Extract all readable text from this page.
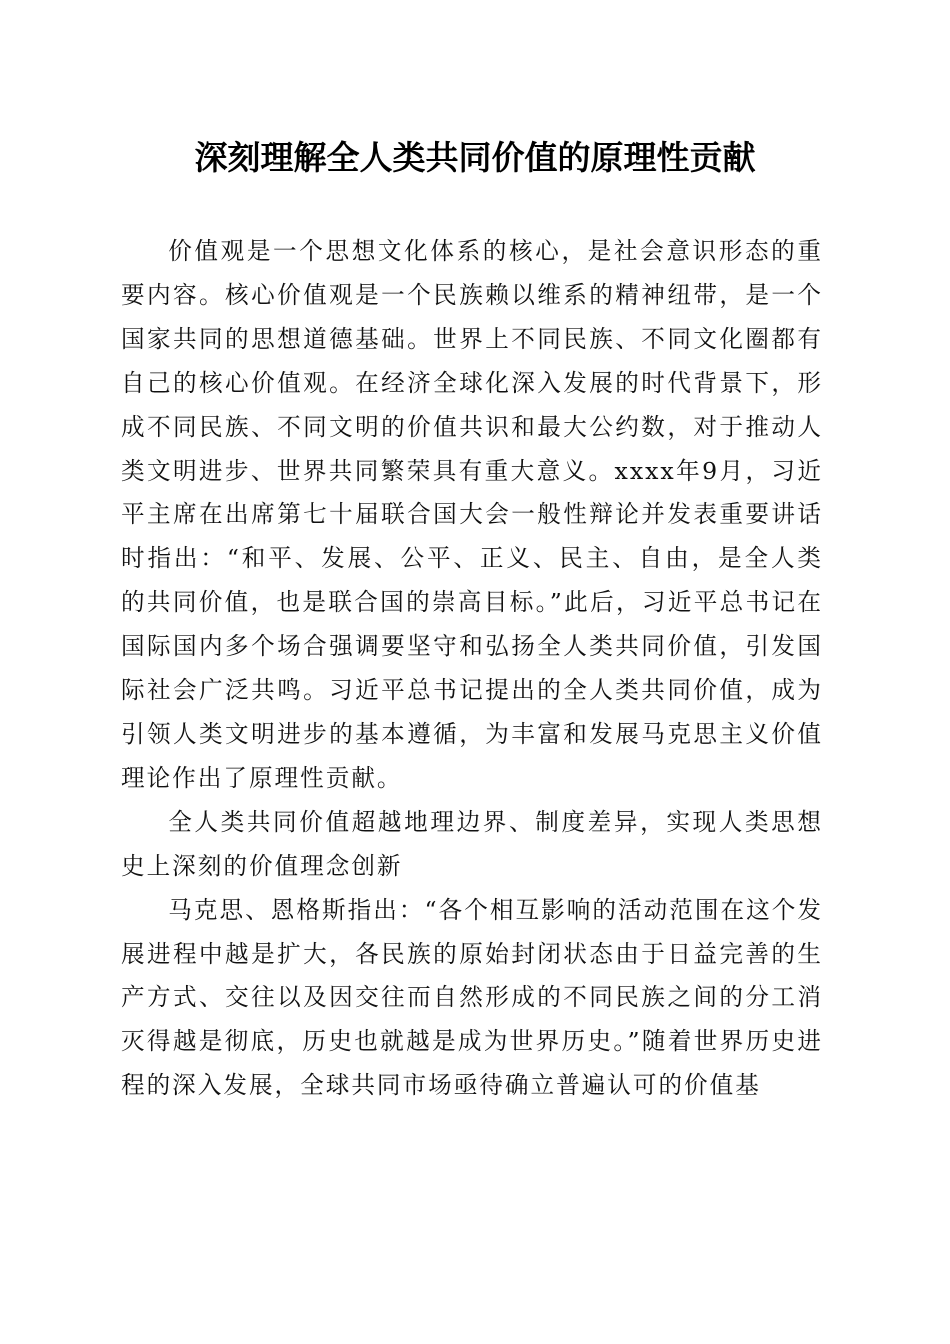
深刻理解全人类共同价值的原理性贡献

价值观是一个思想文化体系的核心，是社会意识形态的重要内容。核心价值观是一个民族赖以维系的精神纽带，是一个国家共同的思想道德基础。世界上不同民族、不同文化圈都有自己的核心价值观。在经济全球化深入发展的时代背景下，形成不同民族、不同文明的价值共识和最大公约数，对于推动人类文明进步、世界共同繁荣具有重大意义。xxxx年9月，习近平主席在出席第七十届联合国大会一般性辩论并发表重要讲话时指出：“和平、发展、公平、正义、民主、自由，是全人类的共同价值，也是联合国的崇高目标。”此后，习近平总书记在国际国内多个场合强调要坚守和弘扬全人类共同价值，引发国际社会广泛共鸣。习近平总书记提出的全人类共同价值，成为引领人类文明进步的基本遵循，为丰富和发展马克思主义价值理论作出了原理性贡献。

全人类共同价值超越地理边界、制度差异，实现人类思想史上深刻的价值理念创新

马克思、恩格斯指出：“各个相互影响的活动范围在这个发展进程中越是扩大，各民族的原始封闭状态由于日益完善的生产方式、交往以及因交往而自然形成的不同民族之间的分工消灭得越是彻底，历史也就越是成为世界历史。”随着世界历史进程的深入发展，全球共同市场亟待确立普遍认可的价值基
